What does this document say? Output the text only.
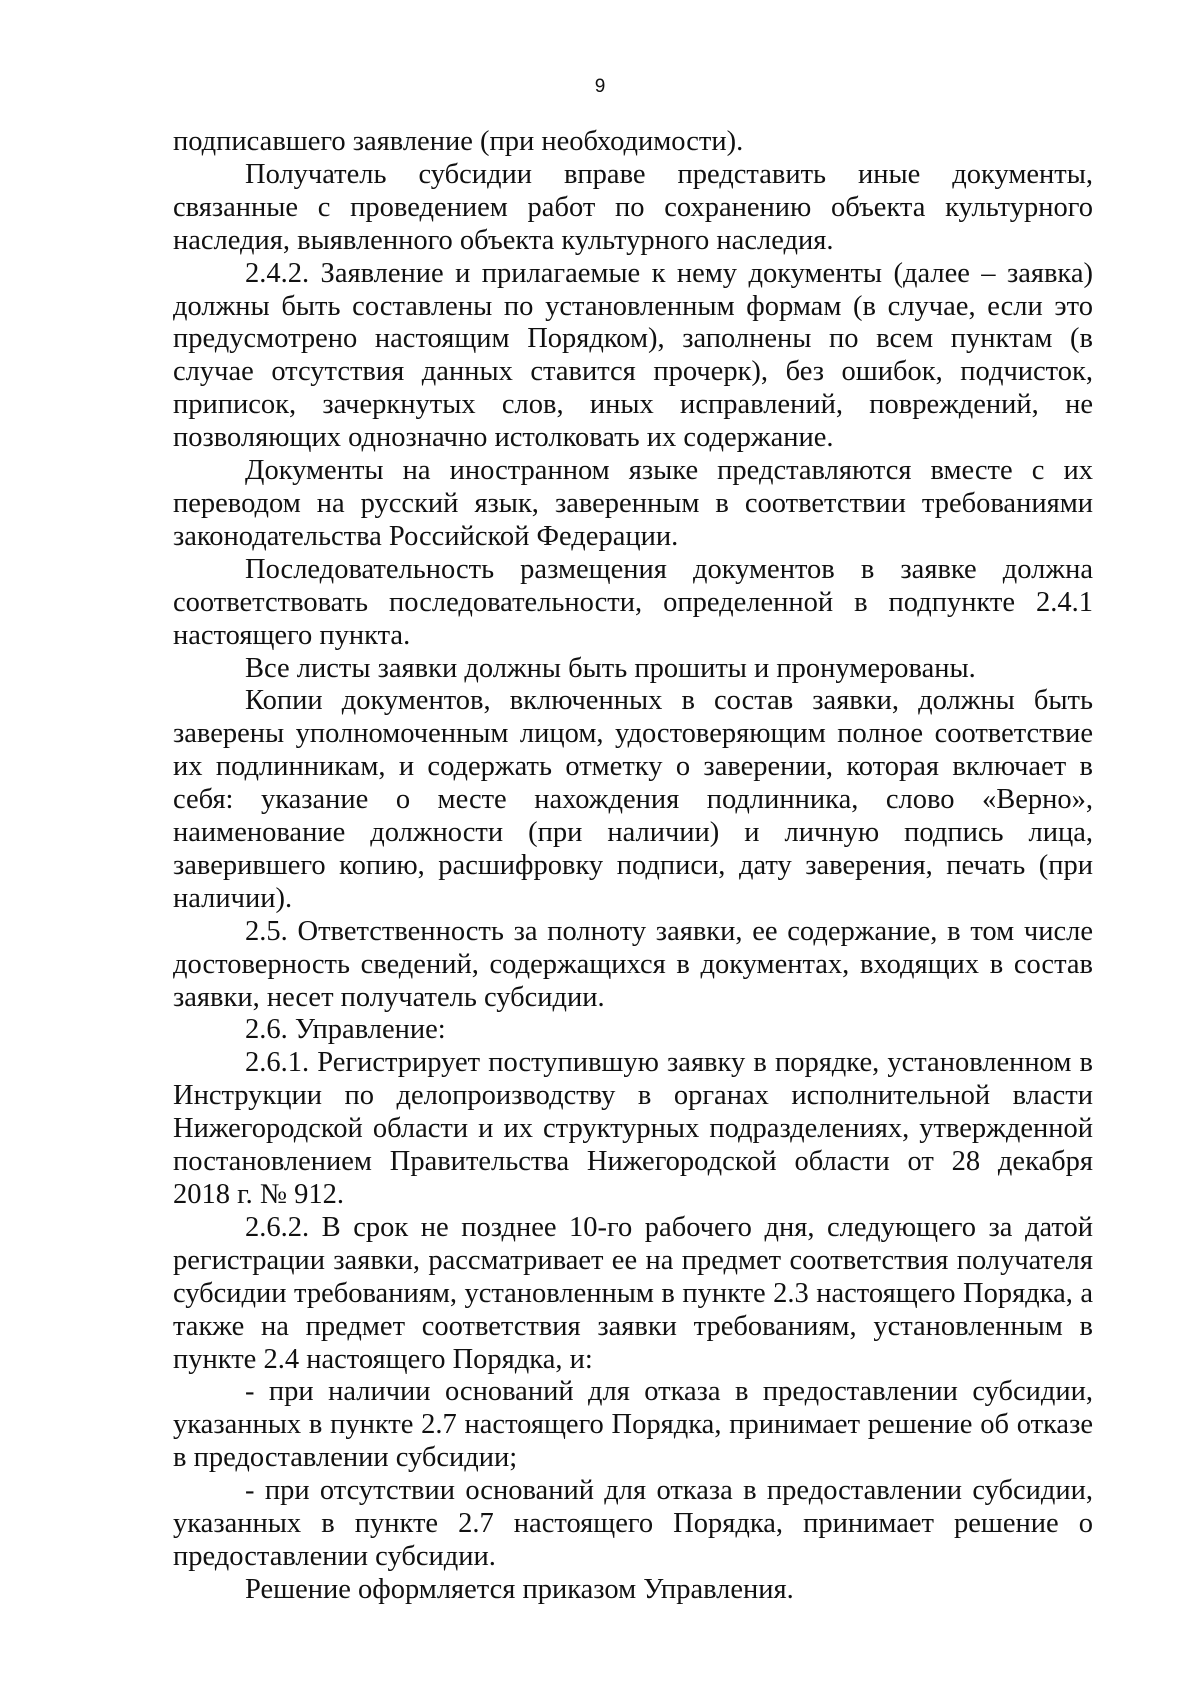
9

подписавшего заявление (при необходимости).

Получатель субсидии вправе представить иные документы, связанные с проведением работ по сохранению объекта культурного наследия, выявленного объекта культурного наследия.

2.4.2. Заявление и прилагаемые к нему документы (далее – заявка) должны быть составлены по установленным формам (в случае, если это предусмотрено настоящим Порядком), заполнены по всем пунктам (в случае отсутствия данных ставится прочерк), без ошибок, подчисток, приписок, зачеркнутых слов, иных исправлений, повреждений, не позволяющих однозначно истолковать их содержание.

Документы на иностранном языке представляются вместе с их переводом на русский язык, заверенным в соответствии требованиями законодательства Российской Федерации.

Последовательность размещения документов в заявке должна соответствовать последовательности, определенной в подпункте 2.4.1 настоящего пункта.

Все листы заявки должны быть прошиты и пронумерованы.

Копии документов, включенных в состав заявки, должны быть заверены уполномоченным лицом, удостоверяющим полное соответствие их подлинникам, и содержать отметку о заверении, которая включает в себя: указание о месте нахождения подлинника, слово «Верно», наименование должности (при наличии) и личную подпись лица, заверившего копию, расшифровку подписи, дату заверения, печать (при наличии).

2.5. Ответственность за полноту заявки, ее содержание, в том числе достоверность сведений, содержащихся в документах, входящих в состав заявки, несет получатель субсидии.

2.6. Управление:

2.6.1. Регистрирует поступившую заявку в порядке, установленном в Инструкции по делопроизводству в органах исполнительной власти Нижегородской области и их структурных подразделениях, утвержденной постановлением Правительства Нижегородской области от 28 декабря 2018 г. № 912.

2.6.2. В срок не позднее 10-го рабочего дня, следующего за датой регистрации заявки, рассматривает ее на предмет соответствия получателя субсидии требованиям, установленным в пункте 2.3 настоящего Порядка, а также на предмет соответствия заявки требованиям, установленным в пункте 2.4 настоящего Порядка, и:

- при наличии оснований для отказа в предоставлении субсидии, указанных в пункте 2.7 настоящего Порядка, принимает решение об отказе в предоставлении субсидии;

- при отсутствии оснований для отказа в предоставлении субсидии, указанных в пункте 2.7 настоящего Порядка, принимает решение о предоставлении субсидии.

Решение оформляется приказом Управления.
